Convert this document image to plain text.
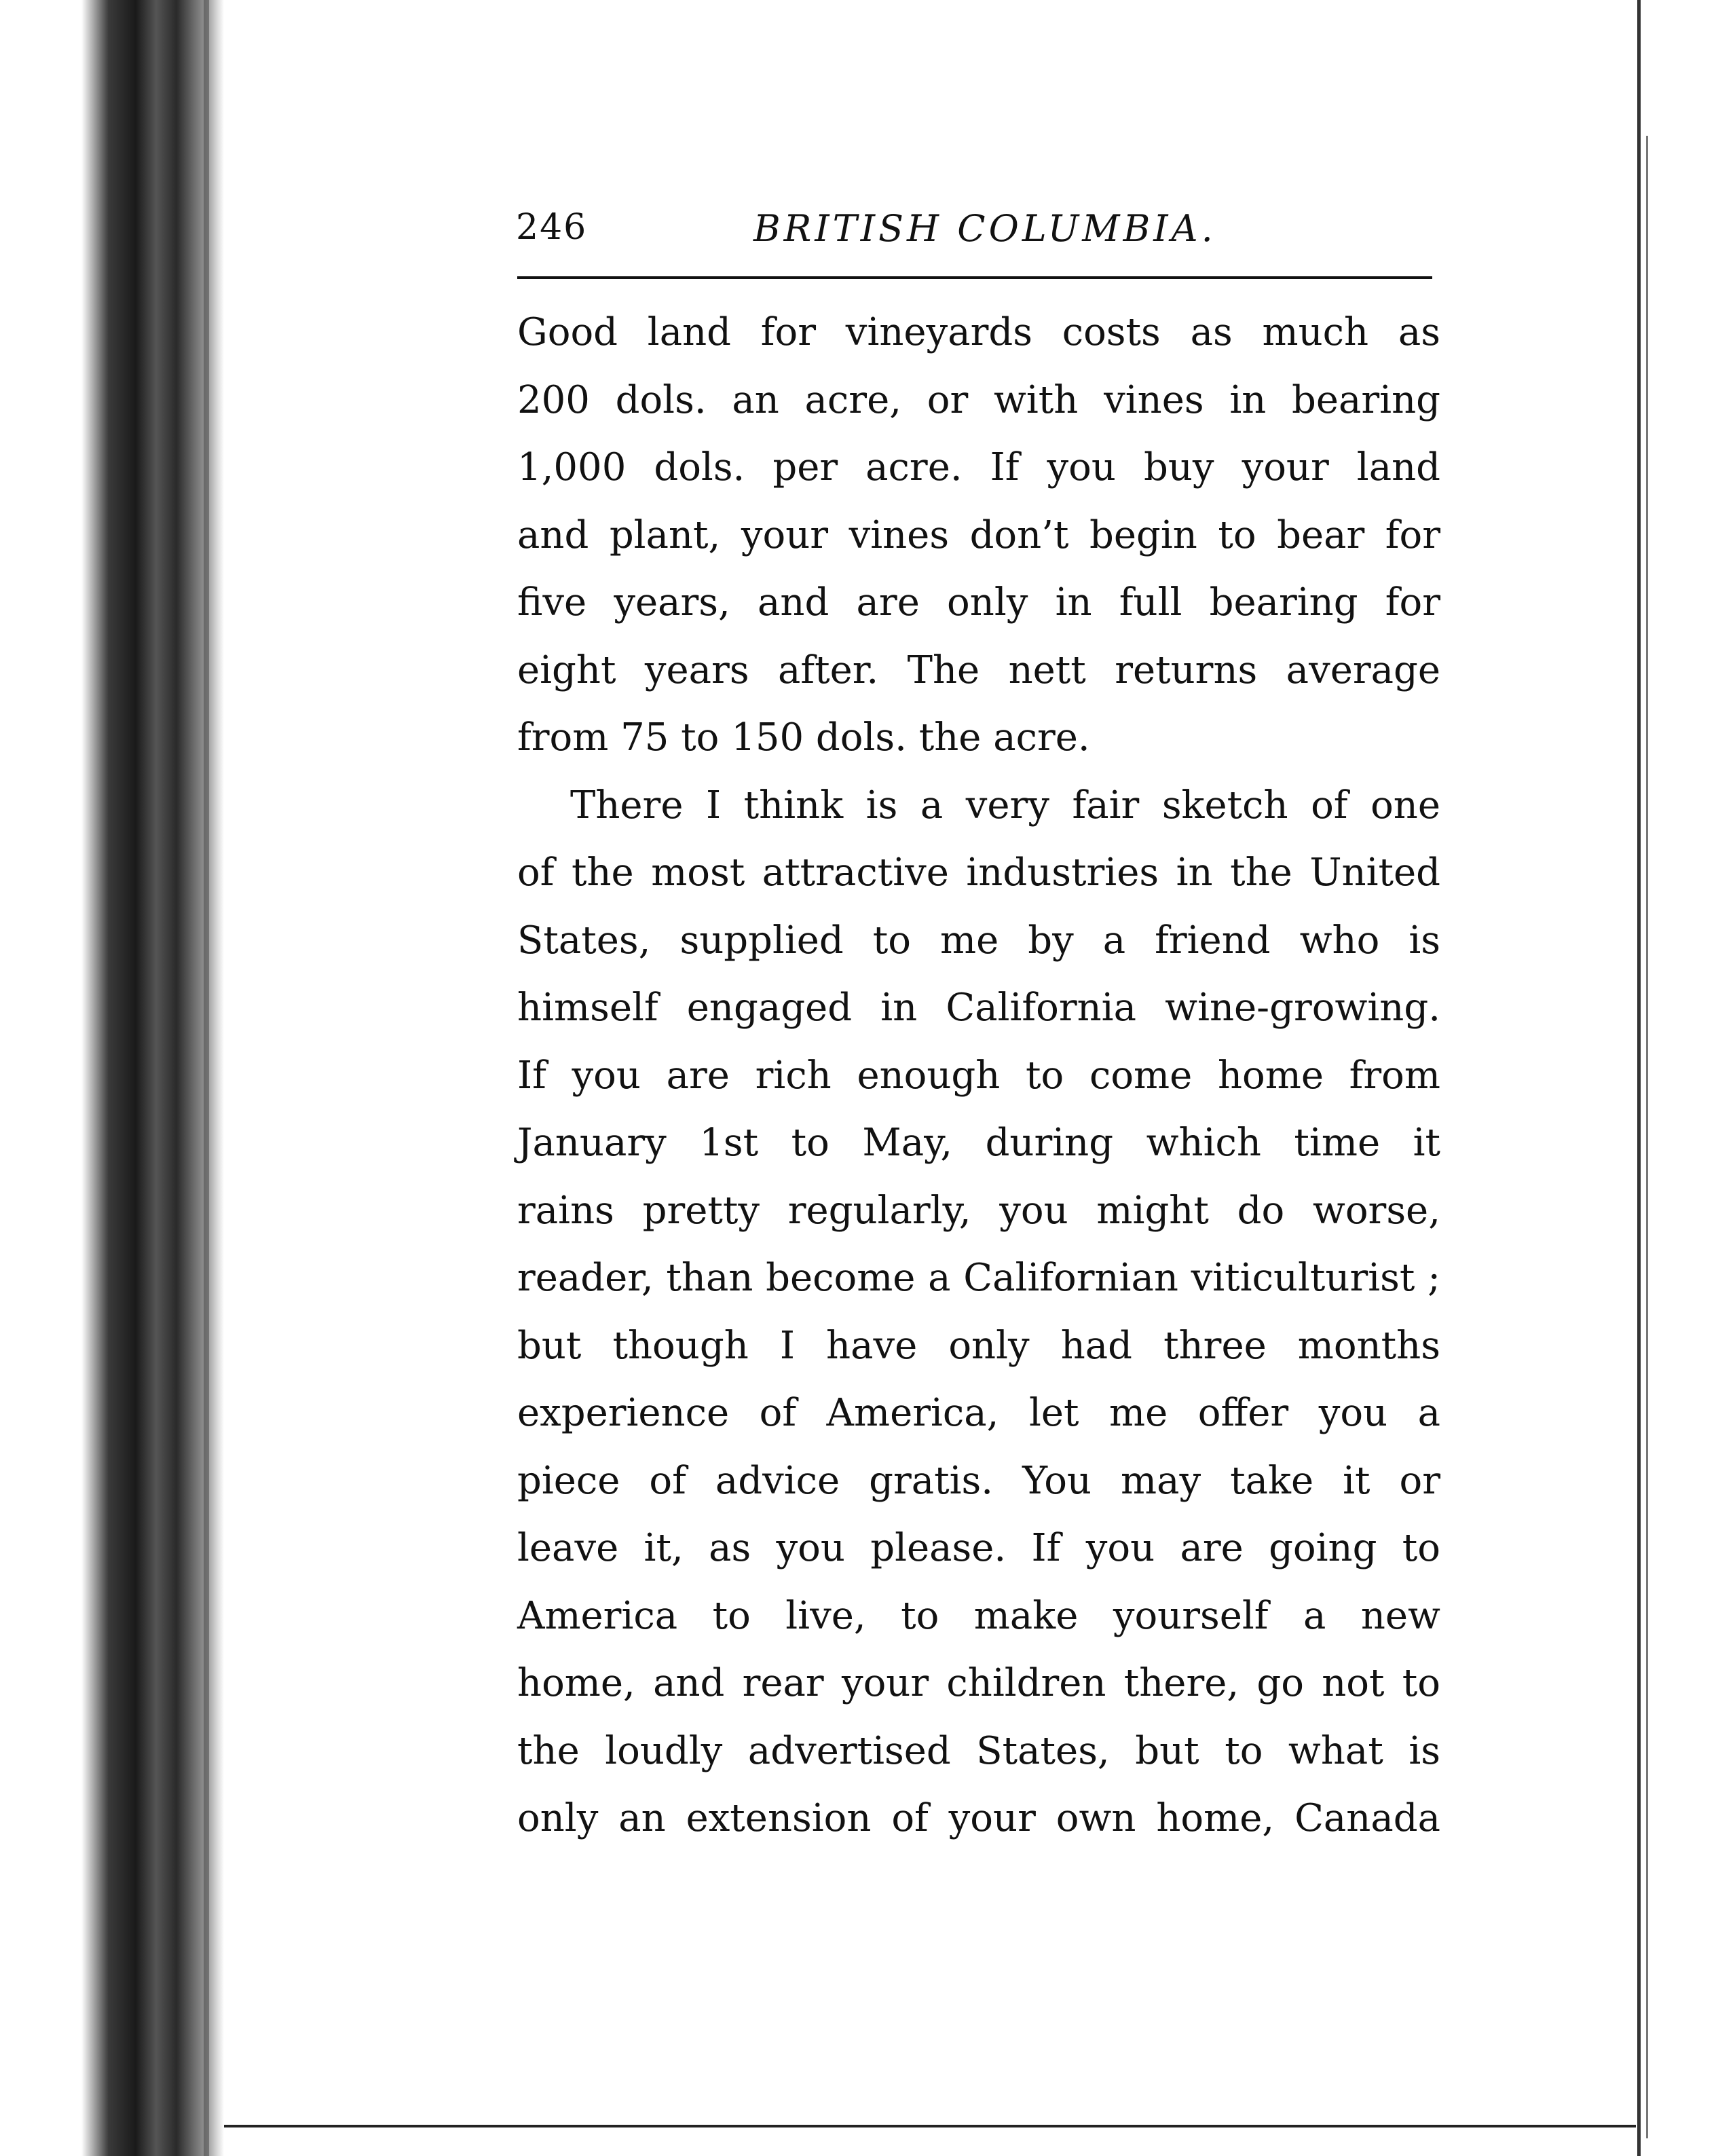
246	BRITISH COLUMBIA.
Good land for vineyards costs as much as
200 dols. an acre, or with vines in bearing
1,000 dols. per acre. If you buy your land
and plant, your vines don’t begin to bear for
five years, and are only in full bearing for
eight years after. The nett returns average
from 75 to 150 dols. the acre.
There I think is a very fair sketch of one
of the most attractive industries in the United
States, supplied to me by a friend who is
himself engaged in California wine-growing.
If you are rich enough to come home from
January 1st to May, during which time it
rains pretty regularly, you might do worse,
reader, than become a Californian viticulturist ;
but though I have only had three months
experience of America, let me offer you a
piece of advice gratis. You may take it or
leave it, as you please. If you are going to
America to live, to make yourself a new
home, and rear your children there, go not to
the loudly advertised States, but to what is
only an extension of your own home, Canada
